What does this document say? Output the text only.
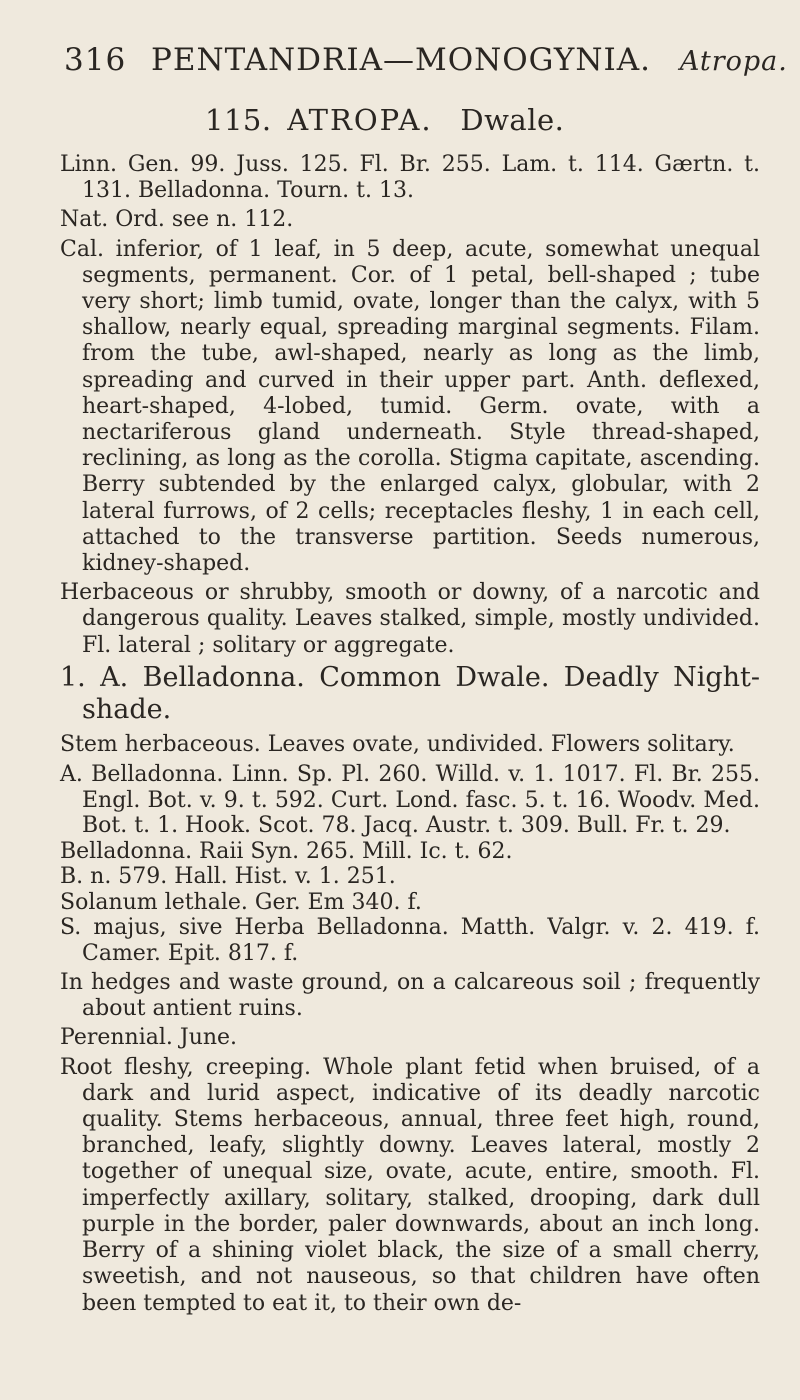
316 PENTANDRIA—MONOGYNIA. Atropa.
115. ATROPA. Dwale.

Linn. Gen. 99. Juss. 125. Fl. Br. 255. Lam. t. 114. Gærtn. t. 131. Belladonna. Tourn. t. 13.

Nat. Ord. see n. 112.

Cal. inferior, of 1 leaf, in 5 deep, acute, somewhat unequal segments, permanent. Cor. of 1 petal, bell-shaped ; tube very short; limb tumid, ovate, longer than the calyx, with 5 shallow, nearly equal, spreading marginal segments. Filam. from the tube, awl-shaped, nearly as long as the limb, spreading and curved in their upper part. Anth. deflexed, heart-shaped, 4-lobed, tumid. Germ. ovate, with a nectariferous gland underneath. Style thread-shaped, reclining, as long as the corolla. Stigma capitate, ascending. Berry subtended by the enlarged calyx, globular, with 2 lateral furrows, of 2 cells; receptacles fleshy, 1 in each cell, attached to the transverse partition. Seeds numerous, kidney-shaped.

Herbaceous or shrubby, smooth or downy, of a narcotic and dangerous quality. Leaves stalked, simple, mostly undivided. Fl. lateral ; solitary or aggregate.

1. A. Belladonna. Common Dwale. Deadly Night-shade.

Stem herbaceous. Leaves ovate, undivided. Flowers solitary.

A. Belladonna. Linn. Sp. Pl. 260. Willd. v. 1. 1017. Fl. Br. 255. Engl. Bot. v. 9. t. 592. Curt. Lond. fasc. 5. t. 16. Woodv. Med. Bot. t. 1. Hook. Scot. 78. Jacq. Austr. t. 309. Bull. Fr. t. 29.

Belladonna. Raii Syn. 265. Mill. Ic. t. 62.

B. n. 579. Hall. Hist. v. 1. 251.

Solanum lethale. Ger. Em 340. f.

S. majus, sive Herba Belladonna. Matth. Valgr. v. 2. 419. f. Camer. Epit. 817. f.

In hedges and waste ground, on a calcareous soil ; frequently about antient ruins.

Perennial. June.

Root fleshy, creeping. Whole plant fetid when bruised, of a dark and lurid aspect, indicative of its deadly narcotic quality. Stems herbaceous, annual, three feet high, round, branched, leafy, slightly downy. Leaves lateral, mostly 2 together of unequal size, ovate, acute, entire, smooth. Fl. imperfectly axillary, solitary, stalked, drooping, dark dull purple in the border, paler downwards, about an inch long. Berry of a shining violet black, the size of a small cherry, sweetish, and not nauseous, so that children have often been tempted to eat it, to their own de-
